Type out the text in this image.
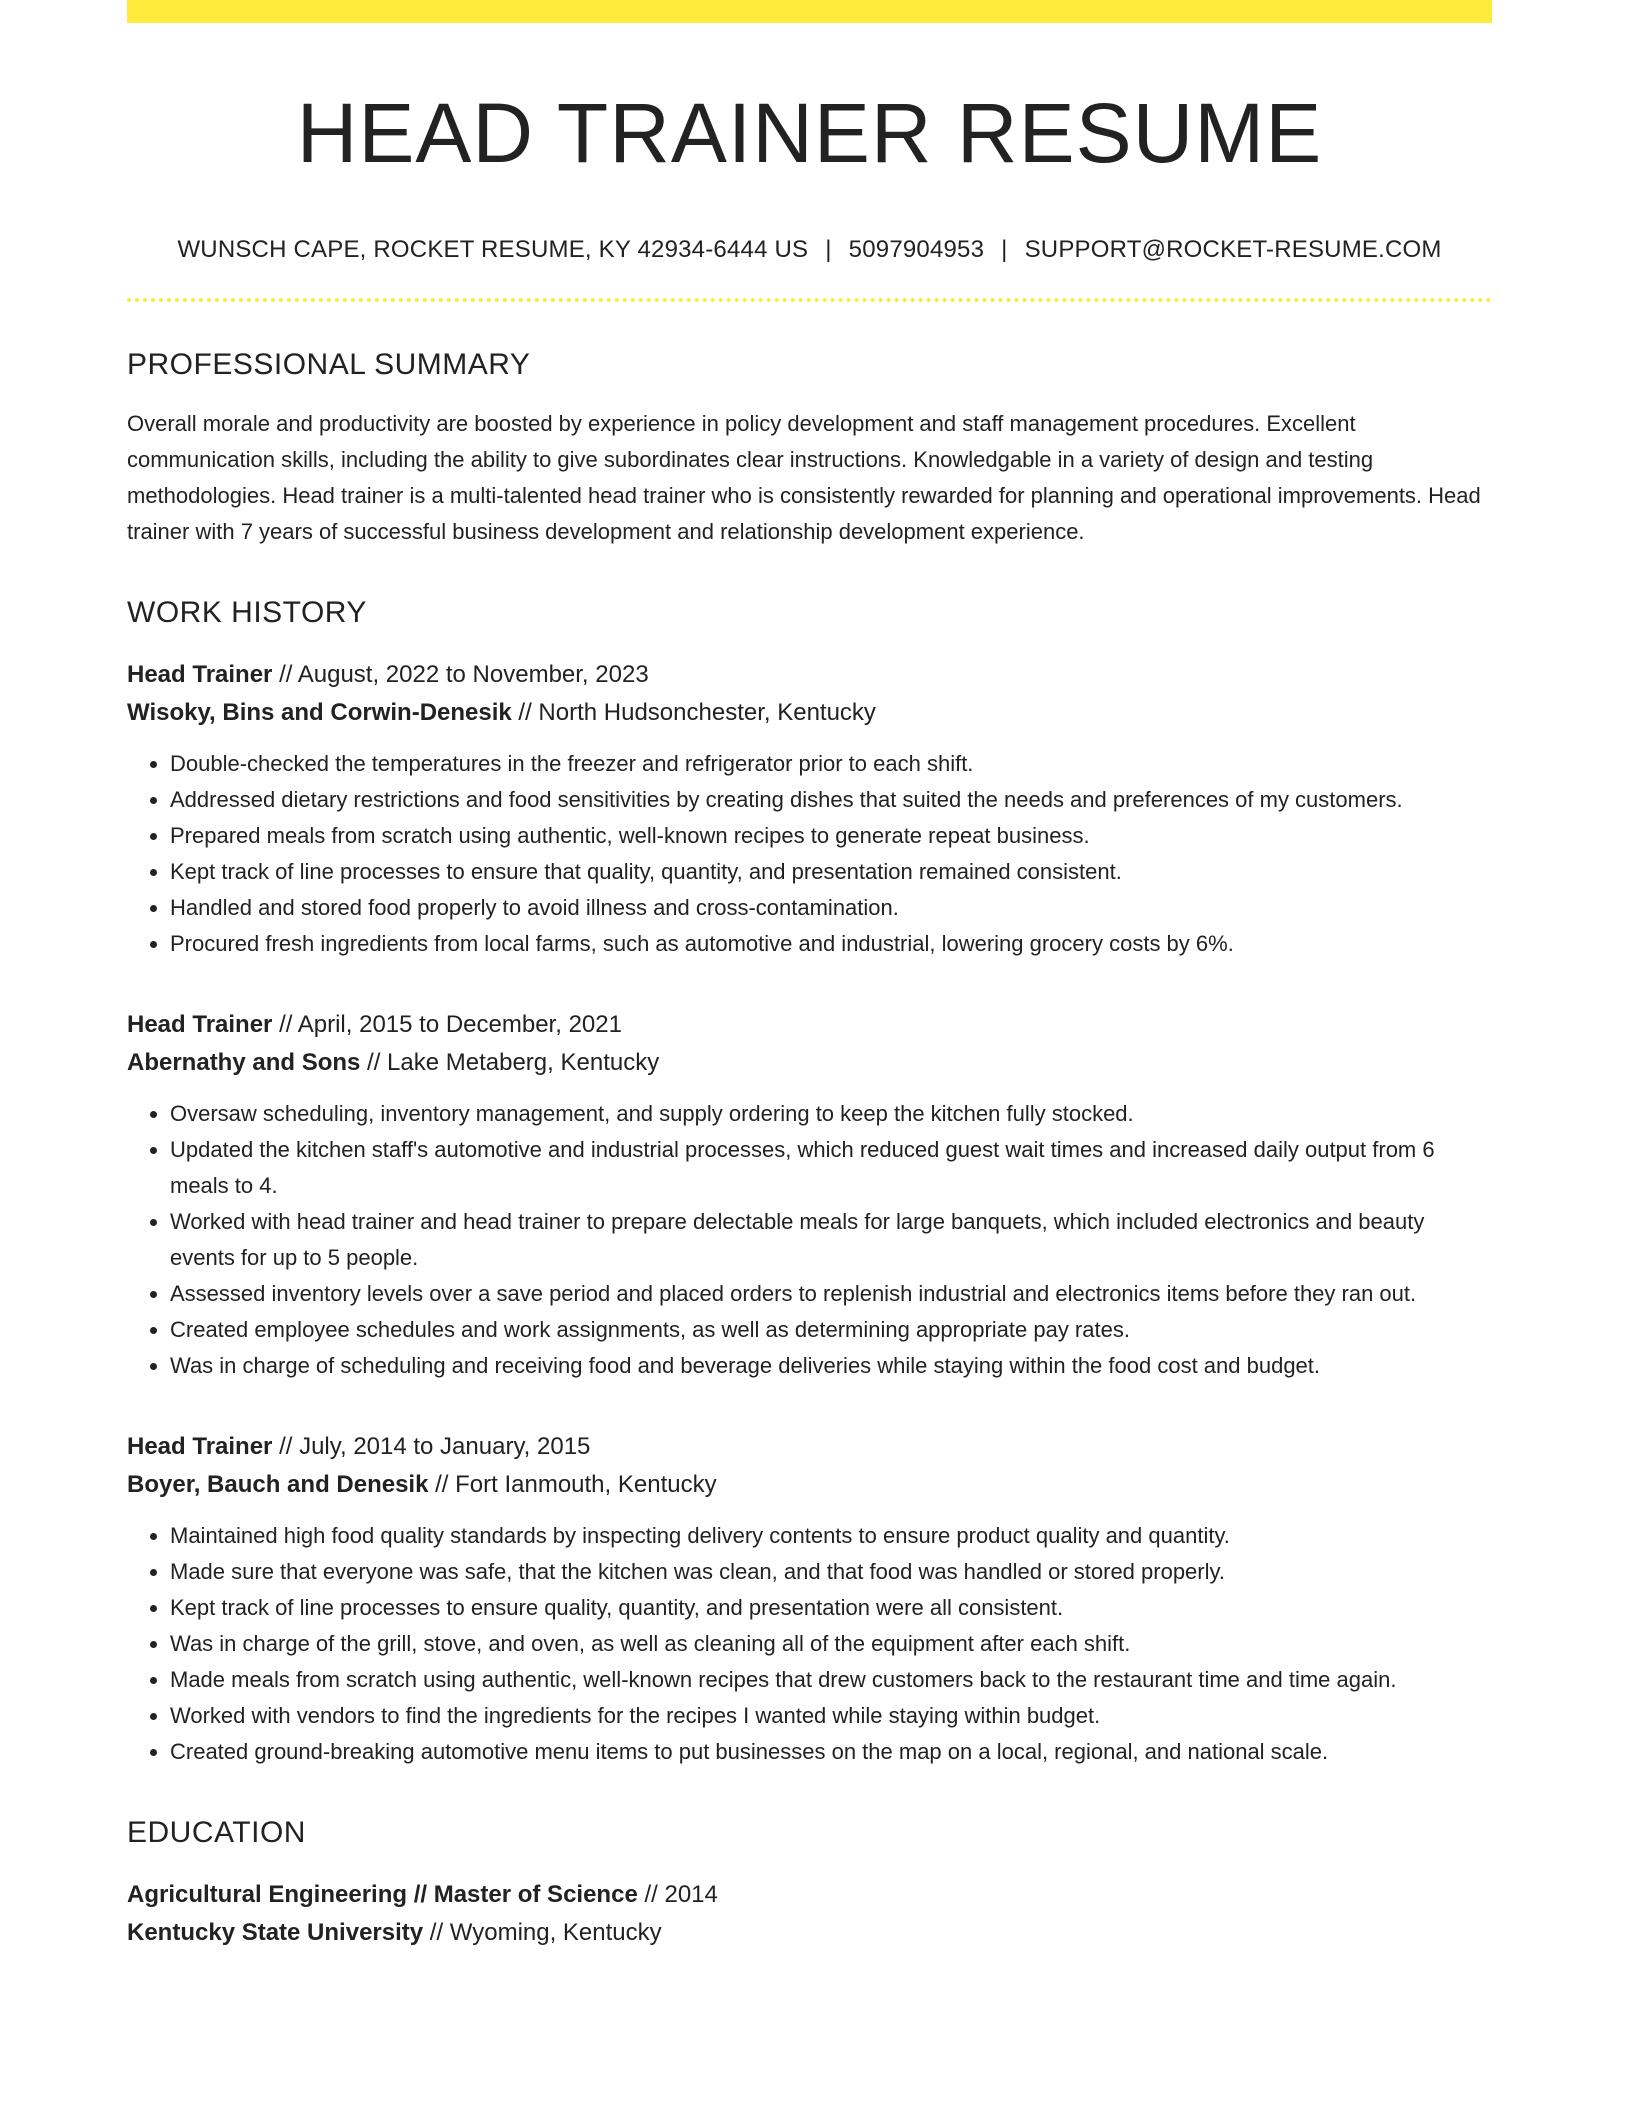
HEAD TRAINER RESUME
WUNSCH CAPE, ROCKET RESUME, KY 42934-6444 US | 5097904953 | SUPPORT@ROCKET-RESUME.COM
PROFESSIONAL SUMMARY
Overall morale and productivity are boosted by experience in policy development and staff management procedures. Excellent communication skills, including the ability to give subordinates clear instructions. Knowledgable in a variety of design and testing methodologies. Head trainer is a multi-talented head trainer who is consistently rewarded for planning and operational improvements. Head trainer with 7 years of successful business development and relationship development experience.
WORK HISTORY
Head Trainer // August, 2022 to November, 2023
Wisoky, Bins and Corwin-Denesik // North Hudsonchester, Kentucky
• Double-checked the temperatures in the freezer and refrigerator prior to each shift.
• Addressed dietary restrictions and food sensitivities by creating dishes that suited the needs and preferences of my customers.
• Prepared meals from scratch using authentic, well-known recipes to generate repeat business.
• Kept track of line processes to ensure that quality, quantity, and presentation remained consistent.
• Handled and stored food properly to avoid illness and cross-contamination.
• Procured fresh ingredients from local farms, such as automotive and industrial, lowering grocery costs by 6%.
Head Trainer // April, 2015 to December, 2021
Abernathy and Sons // Lake Metaberg, Kentucky
• Oversaw scheduling, inventory management, and supply ordering to keep the kitchen fully stocked.
• Updated the kitchen staff's automotive and industrial processes, which reduced guest wait times and increased daily output from 6 meals to 4.
• Worked with head trainer and head trainer to prepare delectable meals for large banquets, which included electronics and beauty events for up to 5 people.
• Assessed inventory levels over a save period and placed orders to replenish industrial and electronics items before they ran out.
• Created employee schedules and work assignments, as well as determining appropriate pay rates.
• Was in charge of scheduling and receiving food and beverage deliveries while staying within the food cost and budget.
Head Trainer // July, 2014 to January, 2015
Boyer, Bauch and Denesik // Fort Ianmouth, Kentucky
• Maintained high food quality standards by inspecting delivery contents to ensure product quality and quantity.
• Made sure that everyone was safe, that the kitchen was clean, and that food was handled or stored properly.
• Kept track of line processes to ensure quality, quantity, and presentation were all consistent.
• Was in charge of the grill, stove, and oven, as well as cleaning all of the equipment after each shift.
• Made meals from scratch using authentic, well-known recipes that drew customers back to the restaurant time and time again.
• Worked with vendors to find the ingredients for the recipes I wanted while staying within budget.
• Created ground-breaking automotive menu items to put businesses on the map on a local, regional, and national scale.
EDUCATION
Agricultural Engineering // Master of Science // 2014
Kentucky State University // Wyoming, Kentucky
